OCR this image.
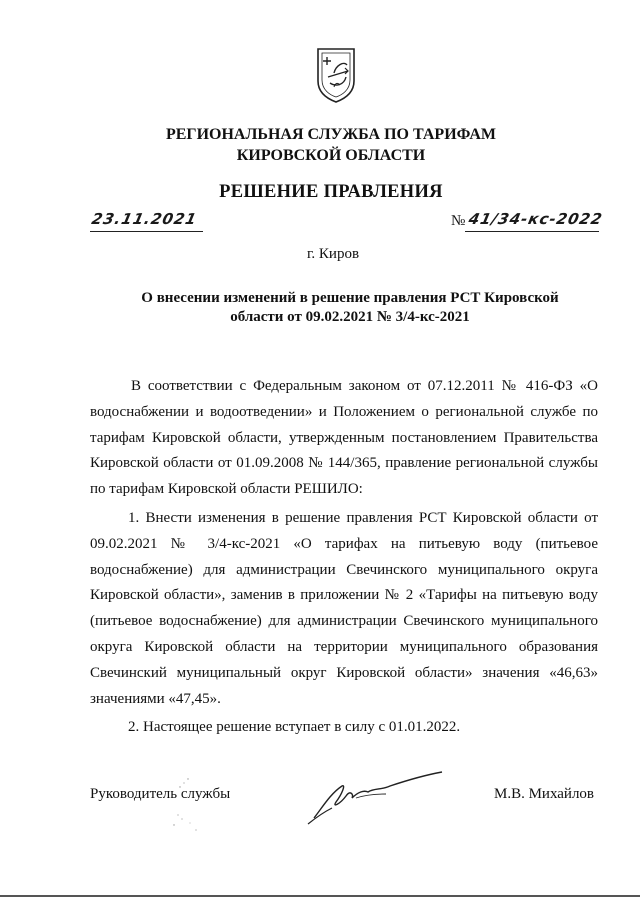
РЕГИОНАЛЬНАЯ СЛУЖБА ПО ТАРИФАМ
КИРОВСКОЙ ОБЛАСТИ
РЕШЕНИЕ ПРАВЛЕНИЯ
23.11.2021	№ 41/34-кс-2022
г. Киров
О внесении изменений в решение правления РСТ Кировской
области от 09.02.2021 № 3/4-кс-2021
В соответствии с Федеральным законом от 07.12.2011 № 416-ФЗ «О водоснабжении и водоотведении» и Положением о региональной службе по тарифам Кировской области, утвержденным постановлением Правительства Кировской области от 01.09.2008 № 144/365, правление региональной службы по тарифам Кировской области РЕШИЛО:
1. Внести изменения в решение правления РСТ Кировской области от 09.02.2021 № 3/4-кс-2021 «О тарифах на питьевую воду (питьевое водоснабжение) для администрации Свечинского муниципального округа Кировской области», заменив в приложении № 2 «Тарифы на питьевую воду (питьевое водоснабжение) для администрации Свечинского муниципального округа Кировской области на территории муниципального образования Свечинский муниципальный округ Кировской области» значения «46,63» значениями «47,45».
2. Настоящее решение вступает в силу с 01.01.2022.
Руководитель службы	М.В. Михайлов
